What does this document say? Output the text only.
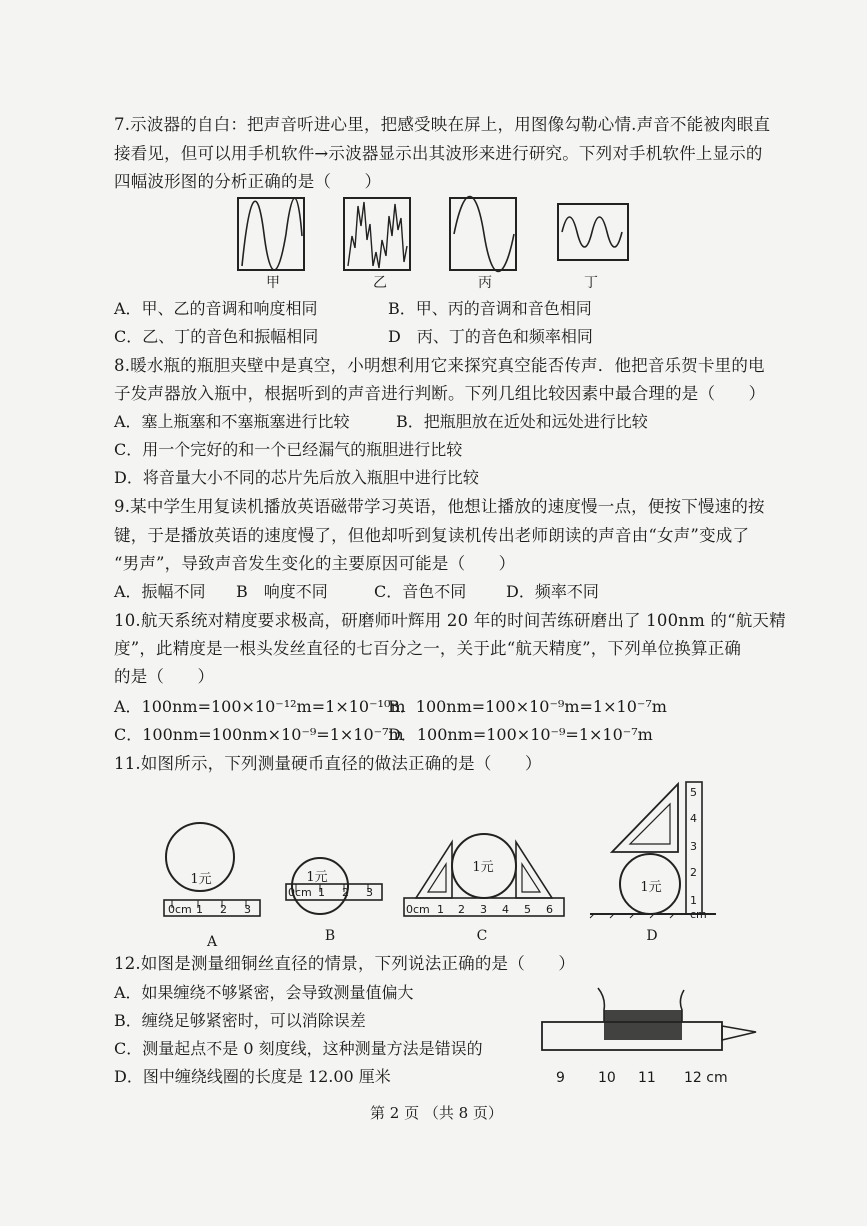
7.示波器的自白：把声音听进心里，把感受映在屏上，用图像勾勒心情.声音不能被肉眼直
接看见，但可以用手机软件→示波器显示出其波形来进行研究。下列对手机软件上显示的
四幅波形图的分析正确的是（　　）
甲	乙	丙	丁
A．甲、乙的音调和响度相同	B．甲、丙的音调和音色相同
C．乙、丁的音色和振幅相同	D　丙、丁的音色和频率相同
8.暖水瓶的瓶胆夹壁中是真空，小明想利用它来探究真空能否传声．他把音乐贺卡里的电
子发声器放入瓶中，根据听到的声音进行判断。下列几组比较因素中最合理的是（　　）
A．塞上瓶塞和不塞瓶塞进行比较	B．把瓶胆放在近处和远处进行比较
C．用一个完好的和一个已经漏气的瓶胆进行比较
D．将音量大小不同的芯片先后放入瓶胆中进行比较
9.某中学生用复读机播放英语磁带学习英语，他想让播放的速度慢一点，便按下慢速的按
键，于是播放英语的速度慢了，但他却听到复读机传出老师朗读的声音由“女声”变成了
“男声”，导致声音发生变化的主要原因可能是（　　）
A．振幅不同 B　响度不同	C．音色不同 D．频率不同
10.航天系统对精度要求极高，研磨师叶辉用 20 年的时间苦练研磨出了 100nm 的“航天精
度”，此精度是一根头发丝直径的七百分之一，关于此“航天精度”，下列单位换算正确
的是（　　）
A．100nm=100×10⁻¹²m=1×10⁻¹⁰m
B．100nm=100×10⁻⁹m=1×10⁻⁷m
C．100nm=100nm×10⁻⁹=1×10⁻⁷m
D．100nm=100×10⁻⁹=1×10⁻⁷m
11.如图所示，下列测量硬币直径的做法正确的是（　　）
1元
0cm 1 2 3
A
1元
0cm 1 2 3
B
1元
0cm 1 2 3 4 5 6
C
1元
1
2
3
4
5
cm
D
12.如图是测量细铜丝直径的情景，下列说法正确的是（　　）
A．如果缠绕不够紧密，会导致测量值偏大
B．缠绕足够紧密时，可以消除误差
C．测量起点不是 0 刻度线，这种测量方法是错误的
D．图中缠绕线圈的长度是 12.00 厘米	9 10 11 12 cm
第 2 页 （共 8 页）
